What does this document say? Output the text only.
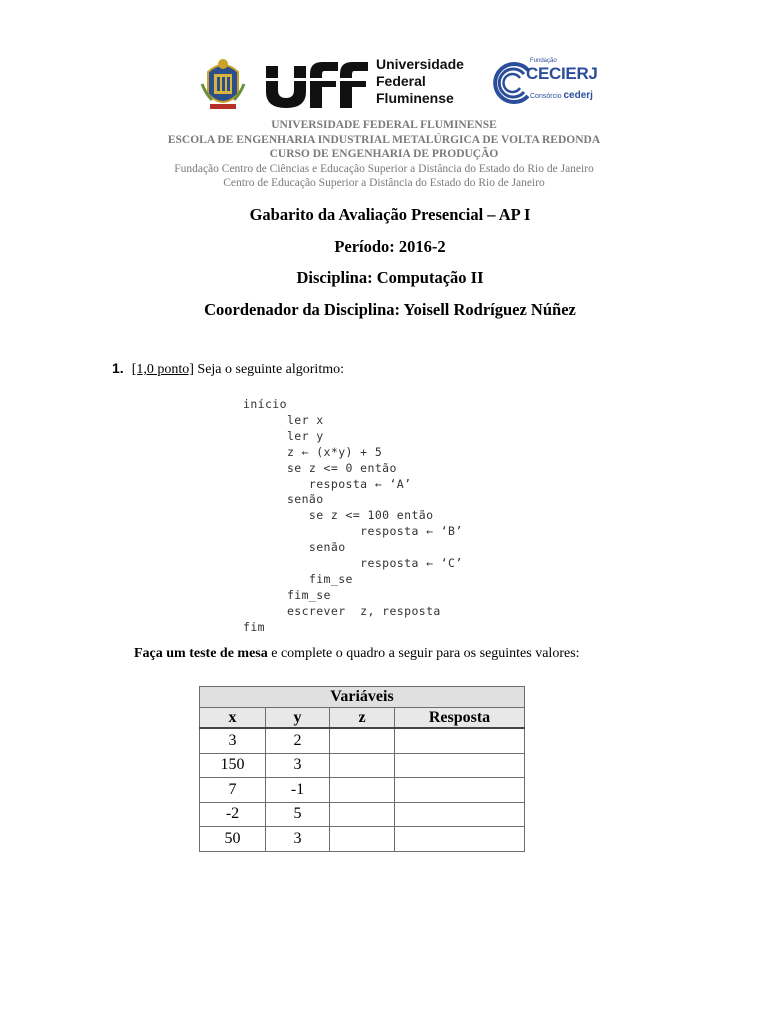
Universidade
Federal
Fluminense
Fundação
CECIERJ
Consórcio cederj
UNIVERSIDADE FEDERAL FLUMINENSE
ESCOLA DE ENGENHARIA INDUSTRIAL METALÚRGICA DE VOLTA REDONDA
CURSO DE ENGENHARIA DE PRODUÇÃO
Fundação Centro de Ciências e Educação Superior a Distância do Estado do Rio de Janeiro
Centro de Educação Superior a Distância do Estado do Rio de Janeiro
Gabarito da Avaliação Presencial – AP I
Período: 2016-2
Disciplina: Computação II
Coordenador da Disciplina: Yoisell Rodríguez Núñez
1. [1,0 ponto] Seja o seguinte algoritmo:
início
ler x
ler y
z ← (x*y) + 5
se z <= 0 então
resposta ← ‘A’
senão
se z <= 100 então
resposta ← ‘B’
senão
resposta ← ‘C’
fim_se
fim_se
escrever  z, resposta
fim
Faça um teste de mesa e complete o quadro a seguir para os seguintes valores:
Variáveis			
x	y	z	Resposta
3	2		
150	3		
7	-1		
-2	5		
50	3		
